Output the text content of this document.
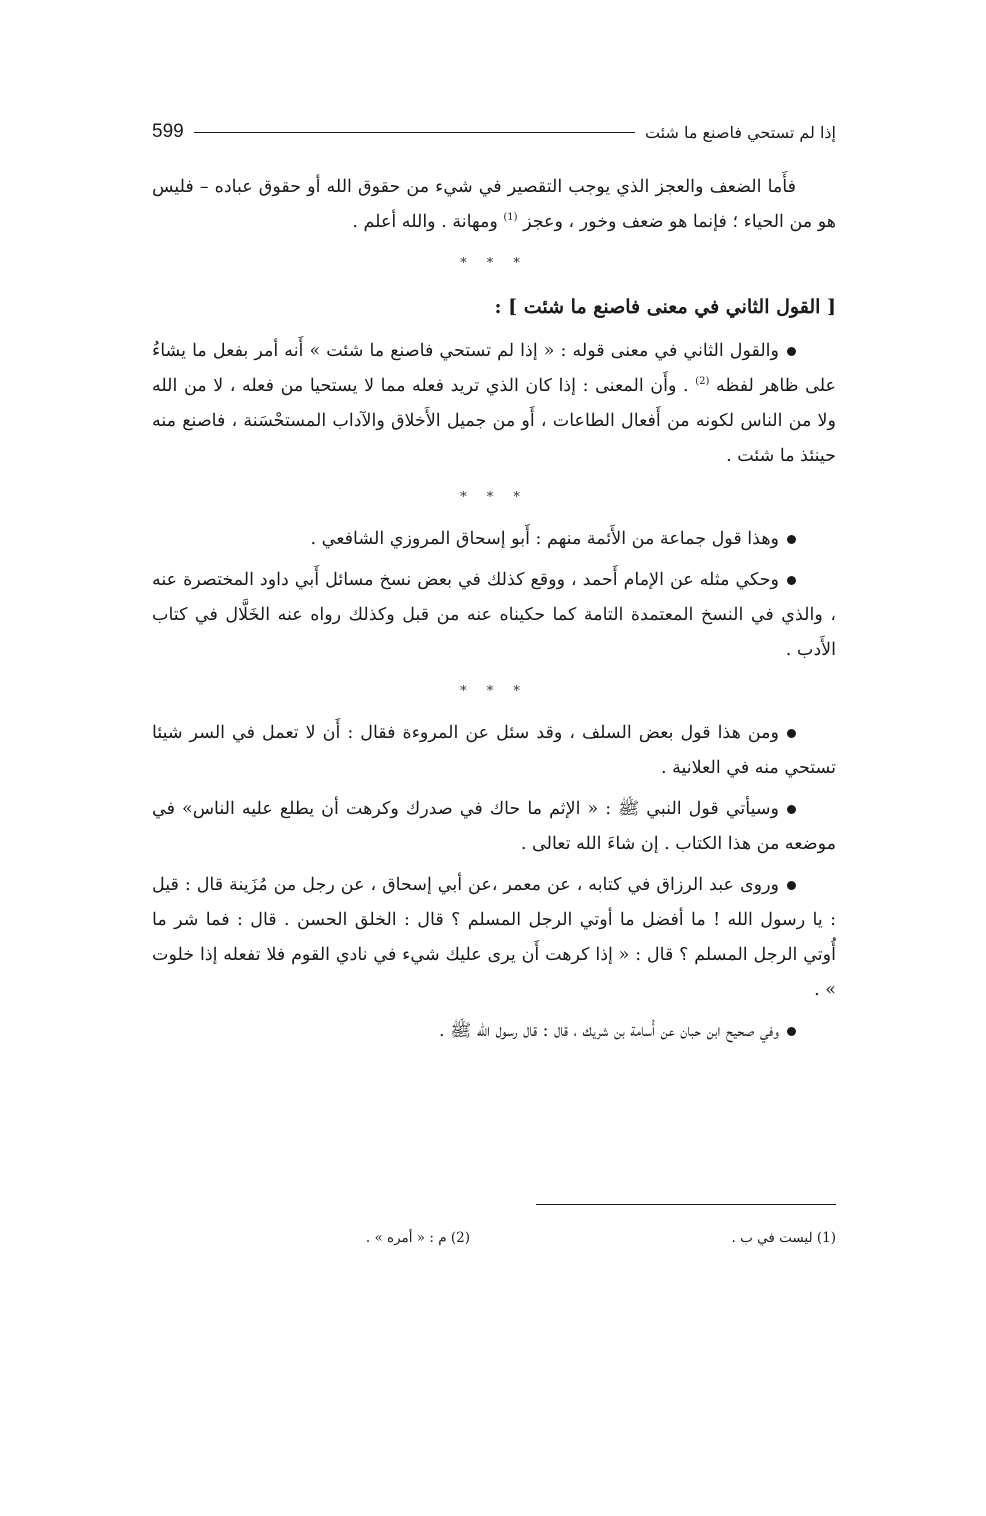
إذا لم تستحي فاصنع ما شئت
599

فأَما الضعف والعجز الذي يوجب التقصير في شيء من حقوق الله أو حقوق عباده – فليس هو من الحياء ؛ فإنما هو ضعف وخور ، وعجز $^{(1)}$ ومهانة . والله أعلم .

* * *
[ القول الثاني في معنى فاصنع ما شئت ] :

والقول الثاني في معنى قوله : « إذا لم تستحي فاصنع ما شئت » أَنه أمر بفعل ما يشاءُ على ظاهر لفظه $^{(2)}$ . وأَن المعنى : إذا كان الذي تريد فعله مما لا يستحيا من فعله ، لا من الله ولا من الناس لكونه من أَفعال الطاعات ، أَو من جميل الأَخلاق والآداب المستحْسَنة ، فاصنع منه حينئذ ما شئت .

* * *

وهذا قول جماعة من الأَئمة منهم : أَبو إسحاق المروزي الشافعي .

وحكي مثله عن الإمام أَحمد ، ووقع كذلك في بعض نسخ مسائل أَبي داود المختصرة عنه ، والذي في النسخ المعتمدة التامة كما حكيناه عنه من قبل وكذلك رواه عنه الخَلَّال في كتاب الأَدب .

* * *

ومن هذا قول بعض السلف ، وقد سئل عن المروءة فقال : أَن لا تعمل في السر شيئا تستحي منه في العلانية .

وسيأتي قول النبي ﷺ : « الإثم ما حاك في صدرك وكرهت أن يطلع عليه الناس» في موضعه من هذا الكتاب . إن شاءَ الله تعالى .

وروى عبد الرزاق في كتابه ، عن معمر ،عن أبي إسحاق ، عن رجل من مُزَينة قال : قيل : يا رسول الله ! ما أفضل ما أوتي الرجل المسلم ؟ قال : الخلق الحسن . قال : فما شر ما أُوتي الرجل المسلم ؟ قال : « إذا كرهت أَن يرى عليك شيء في نادي القوم فلا تفعله إذا خلوت » .

وفي صحيح ابن حبان عن أُسامة بن شريك ، قال : قال رسول الله ﷺ .

(1) ليست في ب .
(2) م : « أمره » .
